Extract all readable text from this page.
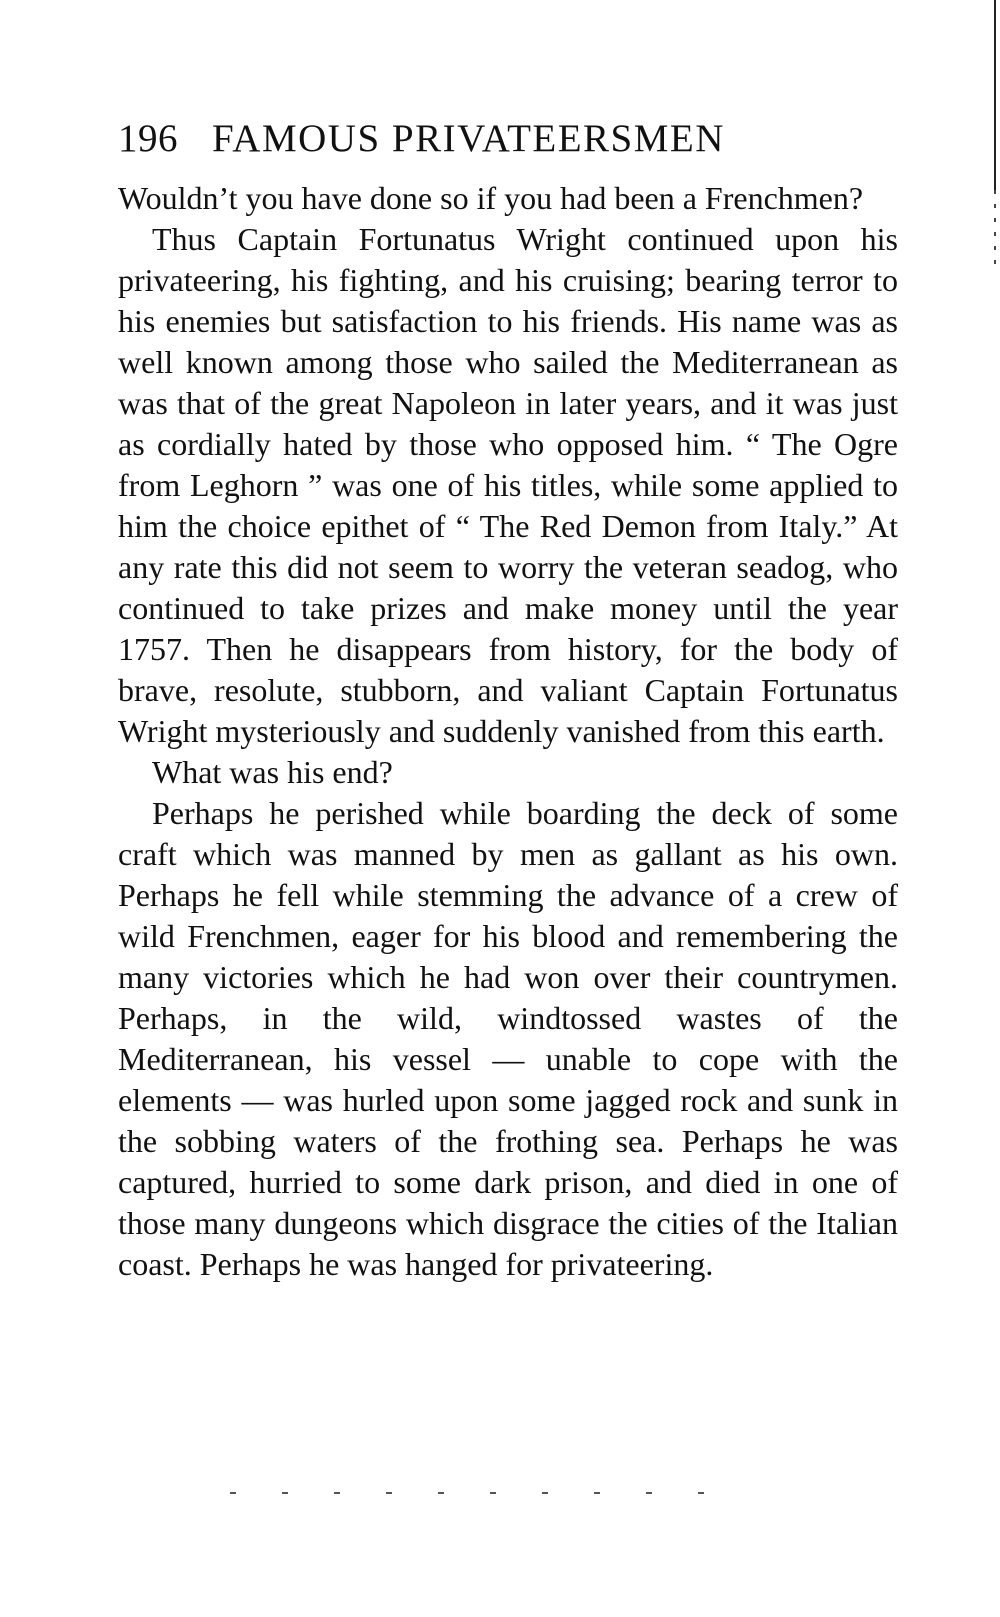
196 FAMOUS PRIVATEERSMEN

Wouldn’t you have done so if you had been a Frenchmen?

Thus Captain Fortunatus Wright continued upon his privateering, his fighting, and his cruising; bearing terror to his enemies but satisfaction to his friends. His name was as well known among those who sailed the Mediterranean as was that of the great Napoleon in later years, and it was just as cordially hated by those who opposed him. “ The Ogre from Leghorn ” was one of his titles, while some applied to him the choice epithet of “ The Red Demon from Italy.” At any rate this did not seem to worry the veteran seadog, who continued to take prizes and make money until the year 1757. Then he disappears from history, for the body of brave, resolute, stubborn, and valiant Captain Fortunatus Wright mysteriously and suddenly vanished from this earth.

What was his end?

Perhaps he perished while boarding the deck of some craft which was manned by men as gallant as his own. Perhaps he fell while stemming the advance of a crew of wild Frenchmen, eager for his blood and remembering the many victories which he had won over their countrymen. Perhaps, in the wild, windtossed wastes of the Mediterranean, his vessel — unable to cope with the elements — was hurled upon some jagged rock and sunk in the sobbing waters of the frothing sea. Perhaps he was captured, hurried to some dark prison, and died in one of those many dungeons which disgrace the cities of the Italian coast. Perhaps he was hanged for privateering.
